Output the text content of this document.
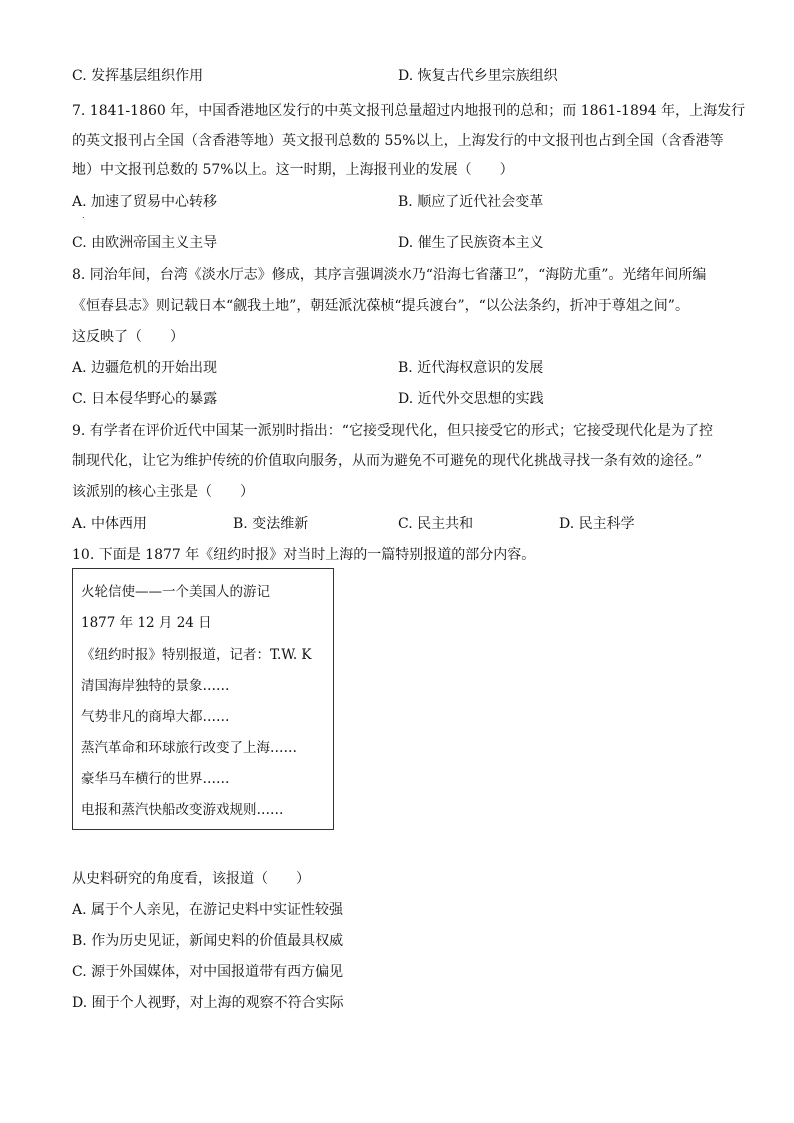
C. 发挥基层组织作用	D. 恢复古代乡里宗族组织
7. 1841-1860 年，中国香港地区发行的中英文报刊总量超过内地报刊的总和；而 1861-1894 年，上海发行
的英文报刊占全国（含香港等地）英文报刊总数的 55%以上，上海发行的中文报刊也占到全国（含香港等
地）中文报刊总数的 57%以上。这一时期，上海报刊业的发展（　　）
A. 加速了贸易中心转移	B. 顺应了近代社会变革
.
C. 由欧洲帝国主义主导	D. 催生了民族资本主义
8. 同治年间，台湾《淡水厅志》修成，其序言强调淡水乃“沿海七省藩卫”，“海防尤重”。光绪年间所编
《恒春县志》则记载日本“觎我土地”，朝廷派沈葆桢“提兵渡台”，“以公法条约，折冲于尊俎之间”。
这反映了（　　）
A. 边疆危机的开始出现	B. 近代海权意识的发展
C. 日本侵华野心的暴露	D. 近代外交思想的实践
9. 有学者在评价近代中国某一派别时指出：“它接受现代化，但只接受它的形式；它接受现代化是为了控
制现代化，让它为维护传统的价值取向服务，从而为避免不可避免的现代化挑战寻找一条有效的途径。”
该派别的核心主张是（　　）
A. 中体西用	B. 变法维新	C. 民主共和	D. 民主科学
10. 下面是 1877 年《纽约时报》对当时上海的一篇特别报道的部分内容。
火轮信使——一个美国人的游记
1877 年 12 月 24 日
《纽约时报》特别报道，记者：T.W. K
清国海岸独特的景象……
气势非凡的商埠大都……
蒸汽革命和环球旅行改变了上海……
豪华马车横行的世界……
电报和蒸汽快船改变游戏规则……
从史料研究的角度看，该报道（　　）
A. 属于个人亲见，在游记史料中实证性较强
B. 作为历史见证，新闻史料的价值最具权威
C. 源于外国媒体，对中国报道带有西方偏见
D. 囿于个人视野，对上海的观察不符合实际
